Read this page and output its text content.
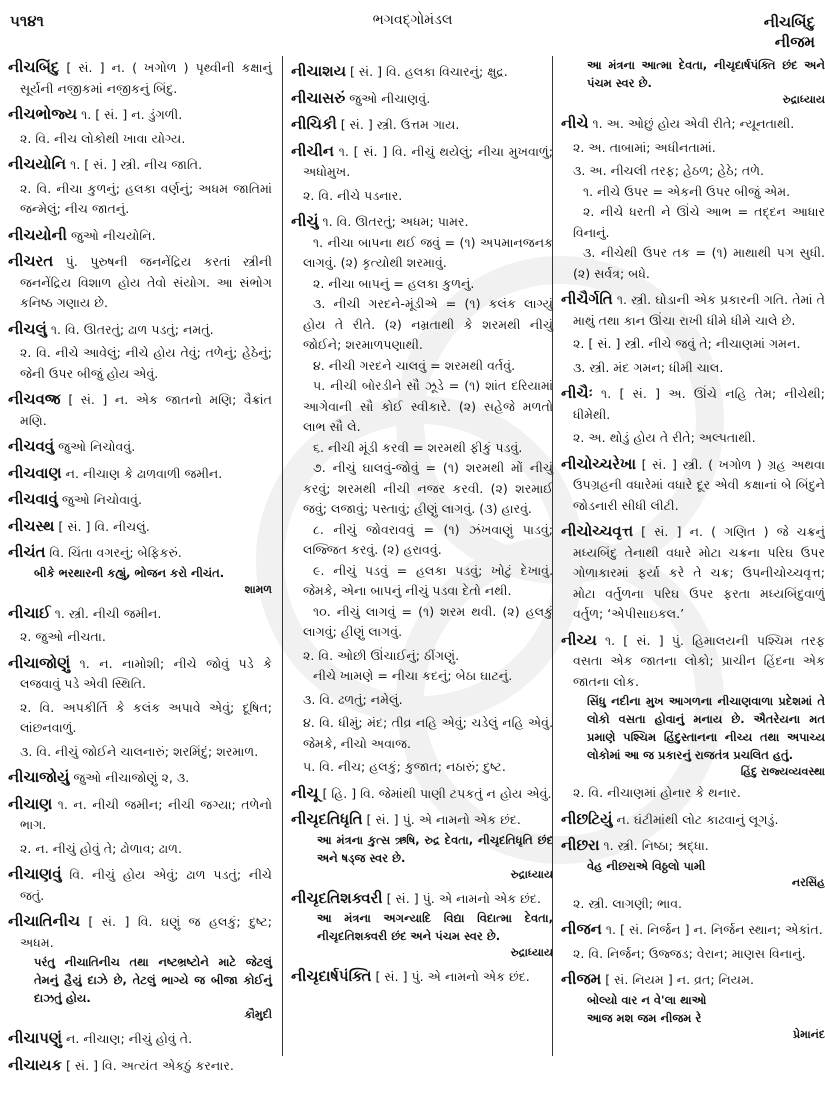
૫૧૪૧	ભગવદ્ગોમંડલ	નીચબિંદુ
નીજમ
નીચબિંદુ [ સં. ] ન. ( ખગોળ ) પૃથ્વીની કક્ષાનું સૂર્યની નજીકમાં નજીકનું બિંદુ.
નીચભોજ્ય ૧. [ સં. ] ન. ડુંગળી.
૨. વિ. નીચ લોકોથી ખાવા યોગ્ય.
નીચયોનિ ૧. [ સં. ] સ્ત્રી. નીચ જાતિ.
૨. વિ. નીચા કુળનું; હલકા વર્ણનું; અધમ જાતિમાં જન્મેલું; નીચ જાતનું.
નીચયોની જુઓ નીચયોનિ.
નીચરત પું. પુરુષની જનનેંદ્રિય કરતાં સ્ત્રીની જનનેંદ્રિય વિશાળ હોય તેવો સંયોગ. આ સંભોગ કનિષ્ઠ ગણાય છે.
નીચલું ૧. વિ. ઊતરતું; ઢાળ પડતું; નમતું.
૨. વિ. નીચે આવેલું; નીચે હોય તેવું; તળેનું; હેઠેનું; જેની ઉપર બીજું હોય એવું.
નીચવજ્ર [ સં. ] ન. એક જાતનો મણિ; વૈક્રાંત મણિ.
નીચવવું જુઓ નિચોવવું.
નીચવાણ ન. નીચાણ કે ઢાળવાળી જમીન.
નીચવાવું જુઓ નિચોવાવું.
નીચસ્થ [ સં. ] વિ. નીચલું.
નીચંત વિ. ચિંતા વગરનું; બેફિકરું.
બીકે ભરથારની કહ્યું, ભોજન કરો નીચંત.
શામળ
નીચાઈ ૧. સ્ત્રી. નીચી જમીન.
૨. જુઓ નીચતા.
નીચાજોણું ૧. ન. નામોશી; નીચે જોવું પડે કે લજવાવું પડે એવી સ્થિતિ.
૨. વિ. અપકીર્તિ કે કલંક અપાવે એવું; દૂષિત; લાંછનવાળું.
૩. વિ. નીચું જોઈને ચાલનારું; શરમિંદું; શરમાળ.
નીચાજોયું જુઓ નીચાજોણું ૨, ૩.
નીચાણ ૧. ન. નીચી જમીન; નીચી જગ્યા; તળેનો ભાગ.
૨. ન. નીચું હોવું તે; ઢોળાવ; ઢાળ.
નીચાણવું વિ. નીચું હોય એવું; ઢાળ પડતું; નીચે જતું.
નીચાતિનીચ [ સં. ] વિ. ઘણું જ હલકું; દુષ્ટ; અધમ.
પરંતુ નીચાતિનીચ તથા નષ્ટભ્રષ્ટોને માટે જેટલું તેમનું હૈયું દાઝે છે, તેટલું ભાગ્યે જ બીજા કોઈનું દાઝતું હોય.
કૌમુદી
નીચાપણું ન. નીચાણ; નીચું હોવું તે.
નીચાયક [ સં. ] વિ. અત્યંત એકઠું કરનાર.
નીચાશય [ સં. ] વિ. હલકા વિચારનું; ક્ષુદ્ર.
નીચાસરું જુઓ નીચાણવું.
નીચિકી [ સં. ] સ્ત્રી. ઉત્તમ ગાય.
નીચીન ૧. [ સં. ] વિ. નીચું થયેલું; નીચા મુખવાળું; અધોમુખ.
૨. વિ. નીચે પડનાર.
નીચું ૧. વિ. ઊતરતું; અધમ; પામર.
૧. નીચા બાપના થઈ જવું = (૧) અપમાનજનક લાગવું. (૨) કૃત્યોથી શરમાવું.
૨. નીચા બાપનું = હલકા કુળનું.
૩. નીચી ગરદને-મૂંડીએ = (૧) કલંક લાગ્યું હોય તે રીતે. (૨) નમ્રતાથી કે શરમથી નીચું જોઈને; શરમાળપણાથી.
૪. નીચી ગરદને ચાલવું = શરમથી વર્તવું.
૫. નીચી બોરડીને સૌ ઝૂડે = (૧) શાંત દરિયામાં આગેવાની સૌ કોઈ સ્વીકારે. (૨) સહેજે મળતો લાભ સૌ લે.
૬. નીચી મૂંડી કરવી = શરમથી ફીકું પડવું.
૭. નીચું ઘાલવું-જોવું = (૧) શરમથી મોં નીચું કરવું; શરમથી નીચી નજર કરવી. (૨) શરમાઈ જવું; લજાવું; પસ્તાવું; હીણું લાગવું. (૩) હારવું.
૮. નીચું જોવરાવવું = (૧) ઝંખવાણું પાડવું; લજ્જિત કરવું. (૨) હરાવવું.
૯. નીચું પડવું = હલકા પડવું; ખોટું દેખાવું. જેમકે, એના બાપનું નીચું પડવા દેતો નથી.
૧૦. નીચું લાગવું = (૧) શરમ થવી. (૨) હલકું લાગવું; હીણું લાગવું.
૨. વિ. ઓછી ઊંચાઈનું; ઠીંગણું.
નીચે ખામણે = નીચા કદનું; બેઠા ઘાટનું.
૩. વિ. ઢળતું; નમેલું.
૪. વિ. ધીમું; મંદ; તીવ્ર નહિ એવું; ચડેલું નહિ એવું. જેમકે, નીચો અવાજ.
૫. વિ. નીચ; હલકું; કુજાત; નઠારું; દુષ્ટ.
નીચૂ [ હિ. ] વિ. જેમાંથી પાણી ટપકતું ન હોય એવું.
નીચૃદતિધૃતિ [ સં. ] પું. એ નામનો એક છંદ.
આ મંત્રના કુત્સ ઋષિ, રુદ્ર દેવતા, નીચૃદતિધૃતિ છંદ અને ષડ્જ સ્વર છે.
રુદ્રાધ્યાય
નીચૃદતિશક્વરી [ સં. ] પું. એ નામનો એક છંદ.
આ મંત્રના અગન્યાદિ વિદ્યા વિદાત્મા દેવતા, નીચૃદતિશક્વરી છંદ અને પંચમ સ્વર છે.
રુદ્રાધ્યાય
નીચૃદાર્ષપંક્તિ [ સં. ] પું. એ નામનો એક છંદ.
આ મંત્રના આત્મા દેવતા, નીચૃદાર્ષપંક્તિ છંદ અને પંચમ સ્વર છે.
રુદ્રાધ્યાય
નીચે ૧. અ. ઓછું હોય એવી રીતે; ન્યૂનતાથી.
૨. અ. તાબામાં; અધીનતામાં.
૩. અ. નીચલી તરફ; હેઠળ; હેઠે; તળે.
૧. નીચે ઉપર = એકની ઉપર બીજું એમ.
૨. નીચે ધરતી ને ઊંચે આભ = તદ્દન આધાર વિનાનું.
૩. નીચેથી ઉપર તક = (૧) માથાથી પગ સુધી. (૨) સર્વત્ર; બધે.
નીચૈર્ગતિ ૧. સ્ત્રી. ઘોડાની એક પ્રકારની ગતિ. તેમાં તે માથું તથા કાન ઊંચા રાખી ધીમે ધીમે ચાલે છે.
૨. [ સં. ] સ્ત્રી. નીચે જવું તે; નીચાણમાં ગમન.
૩. સ્ત્રી. મંદ ગમન; ધીમી ચાલ.
નીચૈઃ ૧. [ સં. ] અ. ઊંચે નહિ તેમ; નીચેથી; ધીમેથી.
૨. અ. થોડું હોય તે રીતે; અલ્પતાથી.
નીચોચ્ચરેખા [ સં. ] સ્ત્રી. ( ખગોળ ) ગ્રહ અથવા ઉપગ્રહની વધારેમાં વધારે દૂર એવી કક્ષાનાં બે બિંદુને જોડનારી સીધી લીટી.
નીચોચ્ચવૃત્ત [ સં. ] ન. ( ગણિત ) જે ચક્રનું મધ્યબિંદુ તેનાથી વધારે મોટા ચક્રના પરિઘ ઉપર ગોળાકારમાં ફર્યા કરે તે ચક્ર; ઉપનીચોચ્ચવૃત્ત; મોટા વર્તુળના પરિઘ ઉપર ફરતા મધ્યબિંદુવાળું વર્તુળ; ‘એપીસાઇકલ.’
નીચ્ય ૧. [ સં. ] પું. હિમાલયની પશ્ચિમ તરફ વસતા એક જાતના લોકો; પ્રાચીન હિંદના એક જાતના લોક.
સિંધુ નદીના મુખ આગળના નીચાણવાળા પ્રદેશમાં તે લોકો વસતા હોવાનું મનાય છે. ઐતરેયના મત પ્રમાણે પશ્ચિમ હિંદુસ્તાનના નીચ્ય તથા અપાચ્ય લોકોમાં આ જ પ્રકારનું રાજતંત્ર પ્રચલિત હતું.
હિંદુ રાજ્યવ્યવસ્થા
૨. વિ. નીચાણમાં હોનાર કે થનાર.
નીછટિયું ન. ઘંટીમાંથી લોટ કાઢવાનું લૂગડું.
નીછરા ૧. સ્ત્રી. નિષ્ઠા; શ્રદ્ધા.
વેહ નીછરાએ વિઠ્ઠલો પામી
નરસિંહ
૨. સ્ત્રી. લાગણી; ભાવ.
નીજન ૧. [ સં. નિર્જન ] ન. નિર્જન સ્થાન; એકાંત.
૨. વિ. નિર્જન; ઉજ્જડ; વેરાન; માણસ વિનાનું.
નીજમ [ સં. નિયમ ] ન. વ્રત; નિયમ.
બોલ્યો વાર ન વે'લા થાઓ
આજ મશ જમ નીજમ રે
પ્રેમાનંદ
